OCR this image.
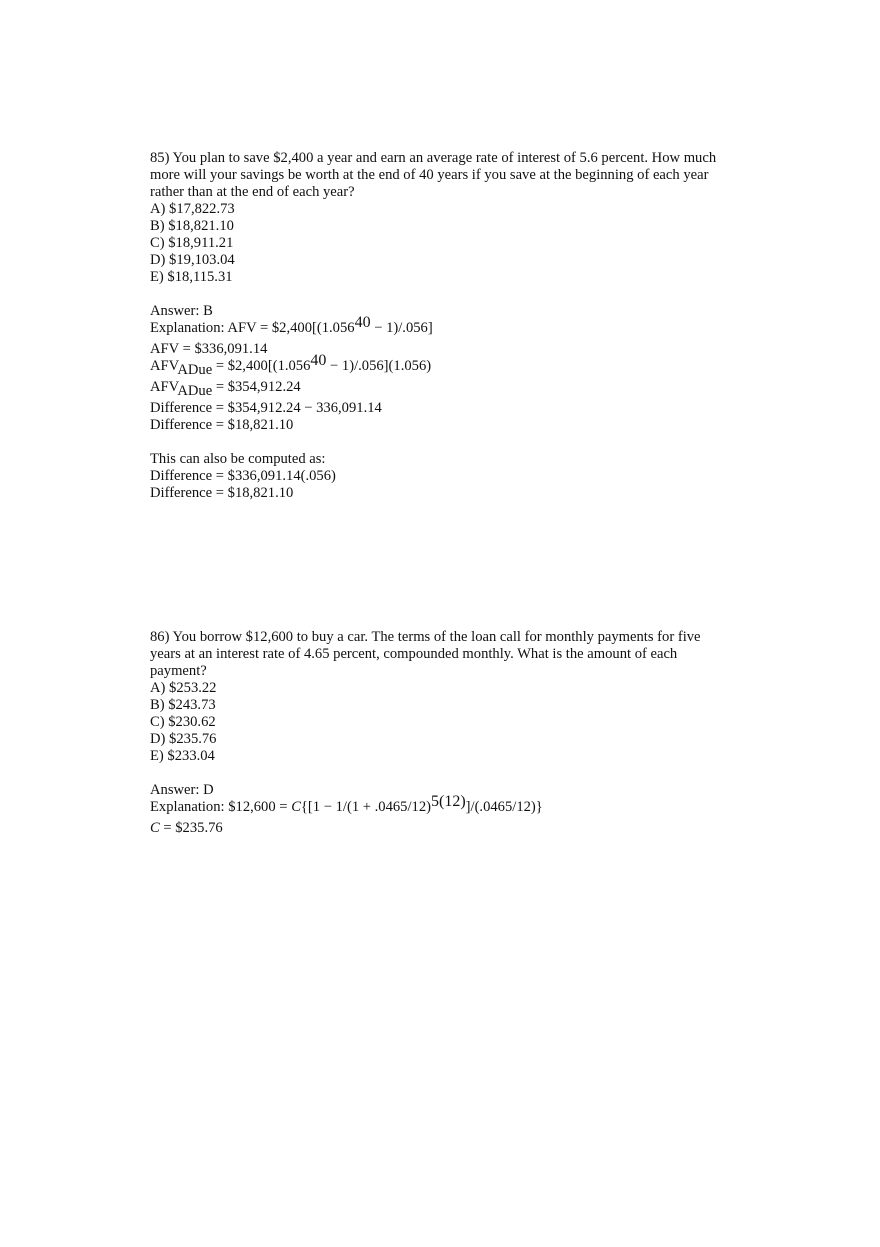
85) You plan to save $2,400 a year and earn an average rate of interest of 5.6 percent. How much
more will your savings be worth at the end of 40 years if you save at the beginning of each year
rather than at the end of each year?
A) $17,822.73
B) $18,821.10
C) $18,911.21
D) $19,103.04
E) $18,115.31
Answer: B
Explanation: AFV = $2,400[(1.05640 − 1)/.056]
AFV = $336,091.14
AFVADue = $2,400[(1.05640 − 1)/.056](1.056)
AFVADue = $354,912.24
Difference = $354,912.24 − 336,091.14
Difference = $18,821.10
This can also be computed as:
Difference = $336,091.14(.056)
Difference = $18,821.10
86) You borrow $12,600 to buy a car. The terms of the loan call for monthly payments for five
years at an interest rate of 4.65 percent, compounded monthly. What is the amount of each
payment?
A) $253.22
B) $243.73
C) $230.62
D) $235.76
E) $233.04
Answer: D
Explanation: $12,600 = C{[1 − 1/(1 + .0465/12)5(12)]/(.0465/12)}
C = $235.76
